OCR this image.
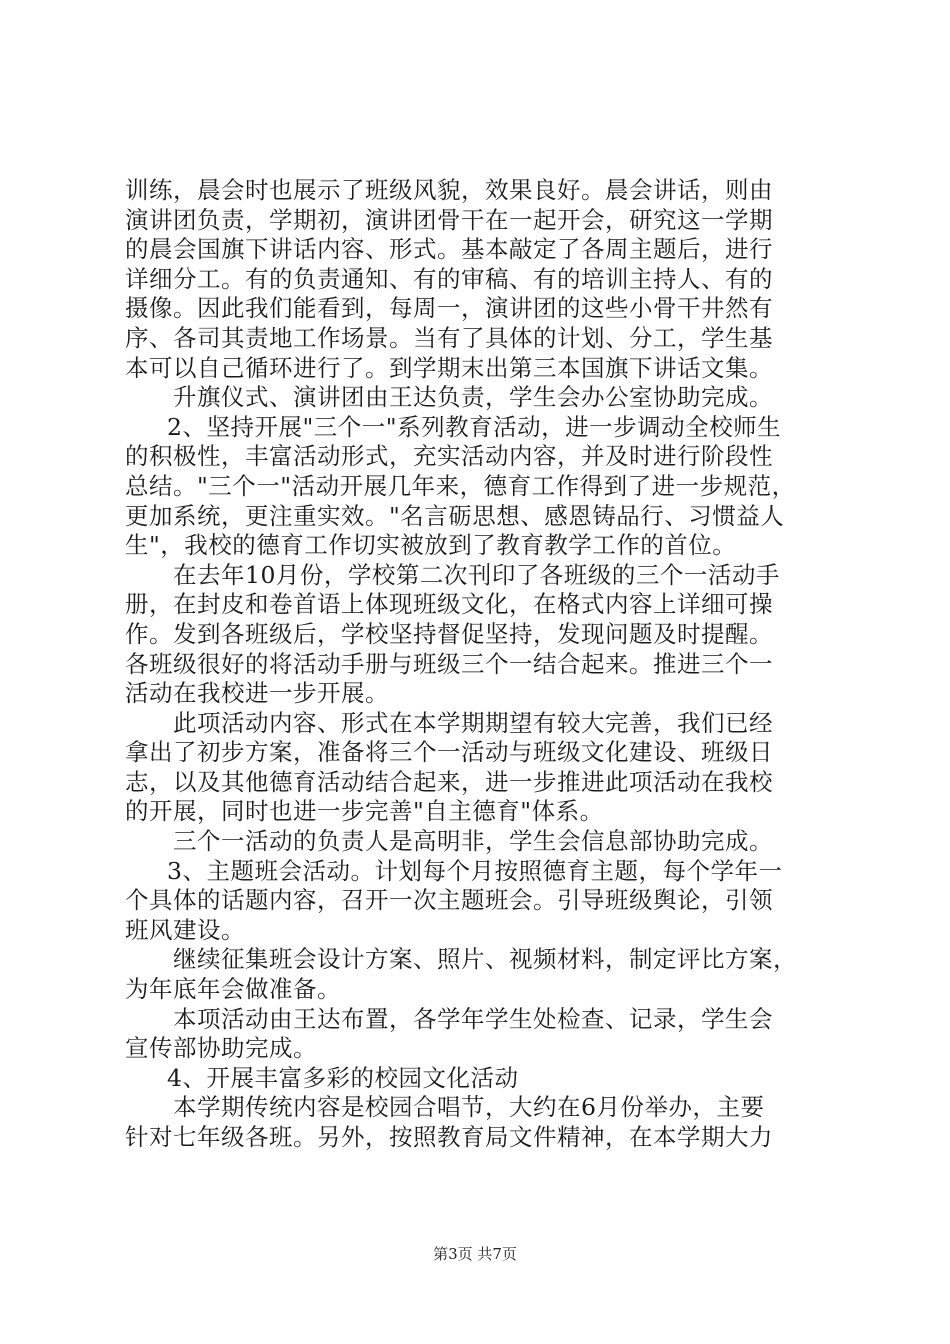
训练，晨会时也展示了班级风貌，效果良好。晨会讲话，则由
演讲团负责，学期初，演讲团骨干在一起开会，研究这一学期
的晨会国旗下讲话内容、形式。基本敲定了各周主题后，进行
详细分工。有的负责通知、有的审稿、有的培训主持人、有的
摄像。因此我们能看到，每周一，演讲团的这些小骨干井然有
序、各司其责地工作场景。当有了具体的计划、分工，学生基
本可以自己循环进行了。到学期末出第三本国旗下讲话文集。
升旗仪式、演讲团由王达负责，学生会办公室协助完成。
2、坚持开展"三个一"系列教育活动，进一步调动全校师生
的积极性，丰富活动形式，充实活动内容，并及时进行阶段性
总结。"三个一"活动开展几年来，德育工作得到了进一步规范，
更加系统，更注重实效。"名言砺思想、感恩铸品行、习惯益人
生"，我校的德育工作切实被放到了教育教学工作的首位。
在去年10月份，学校第二次刊印了各班级的三个一活动手
册，在封皮和卷首语上体现班级文化，在格式内容上详细可操
作。发到各班级后，学校坚持督促坚持，发现问题及时提醒。
各班级很好的将活动手册与班级三个一结合起来。推进三个一
活动在我校进一步开展。
此项活动内容、形式在本学期期望有较大完善，我们已经
拿出了初步方案，准备将三个一活动与班级文化建设、班级日
志，以及其他德育活动结合起来，进一步推进此项活动在我校
的开展，同时也进一步完善"自主德育"体系。
三个一活动的负责人是高明非，学生会信息部协助完成。
3、主题班会活动。计划每个月按照德育主题，每个学年一
个具体的话题内容，召开一次主题班会。引导班级舆论，引领
班风建设。
继续征集班会设计方案、照片、视频材料，制定评比方案，
为年底年会做准备。
本项活动由王达布置，各学年学生处检查、记录，学生会
宣传部协助完成。
4、开展丰富多彩的校园文化活动
本学期传统内容是校园合唱节，大约在6月份举办，主要
针对七年级各班。另外，按照教育局文件精神，在本学期大力
第3页 共7页
